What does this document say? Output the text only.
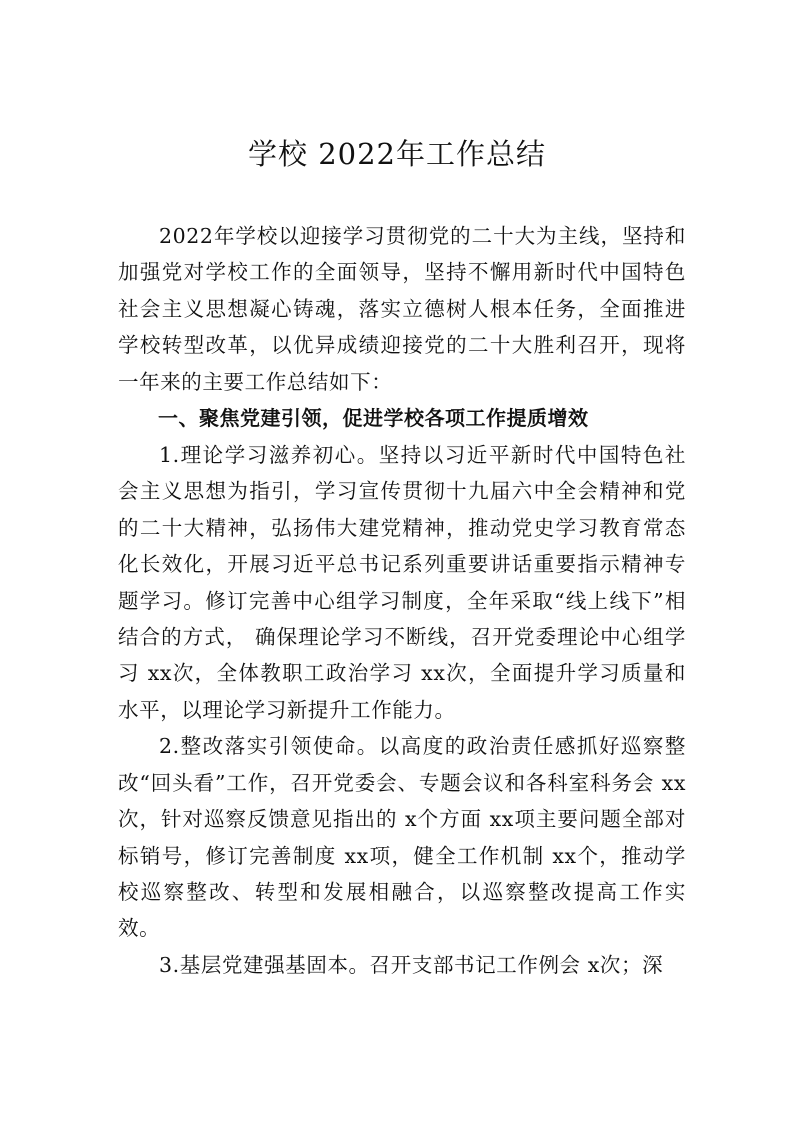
学校 2022年工作总结

2022年学校以迎接学习贯彻党的二十大为主线，坚持和加强党对学校工作的全面领导，坚持不懈用新时代中国特色社会主义思想凝心铸魂，落实立德树人根本任务，全面推进学校转型改革，以优异成绩迎接党的二十大胜利召开，现将一年来的主要工作总结如下：

一、聚焦党建引领，促进学校各项工作提质增效

1.理论学习滋养初心。坚持以习近平新时代中国特色社会主义思想为指引，学习宣传贯彻十九届六中全会精神和党的二十大精神，弘扬伟大建党精神，推动党史学习教育常态化长效化，开展习近平总书记系列重要讲话重要指示精神专题学习。修订完善中心组学习制度，全年采取“线上线下”相结合的方式， 确保理论学习不断线，召开党委理论中心组学习 xx次，全体教职工政治学习 xx次，全面提升学习质量和水平，以理论学习新提升工作能力。

2.整改落实引领使命。以高度的政治责任感抓好巡察整改“回头看”工作，召开党委会、专题会议和各科室科务会 xx次，针对巡察反馈意见指出的 x个方面 xx项主要问题全部对标销号，修订完善制度 xx项，健全工作机制 xx个，推动学校巡察整改、转型和发展相融合，以巡察整改提高工作实效。

3.基层党建强基固本。召开支部书记工作例会 x次；深
